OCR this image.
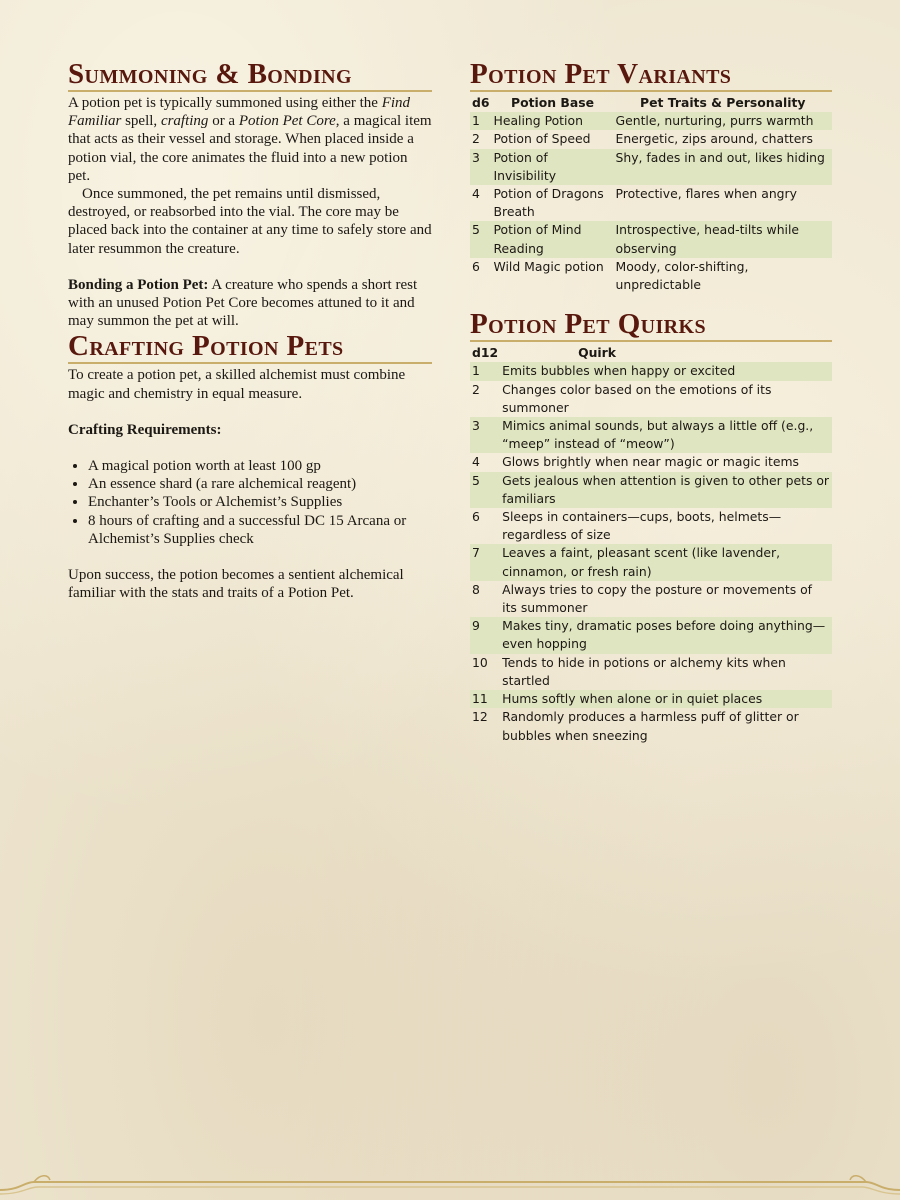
Summoning & Bonding

A potion pet is typically summoned using either the Find Familiar spell, crafting or a Potion Pet Core, a magical item that acts as their vessel and storage. When placed inside a potion vial, the core animates the fluid into a new potion pet.

Once summoned, the pet remains until dismissed, destroyed, or reabsorbed into the vial. The core may be placed back into the container at any time to safely store and later resummon the creature.

Bonding a Potion Pet: A creature who spends a short rest with an unused Potion Pet Core becomes attuned to it and may summon the pet at will.

Crafting Potion Pets

To create a potion pet, a skilled alchemist must combine magic and chemistry in equal measure.

Crafting Requirements:

• A magical potion worth at least 100 gp
• An essence shard (a rare alchemical reagent)
• Enchanter’s Tools or Alchemist’s Supplies
• 8 hours of crafting and a successful DC 15 Arcana or Alchemist’s Supplies check

Upon success, the potion becomes a sentient alchemical familiar with the stats and traits of a Potion Pet.

Potion Pet Variants
d6	Potion Base	Pet Traits & Personality
1	Healing Potion	Gentle, nurturing, purrs warmth
2	Potion of Speed	Energetic, zips around, chatters
3	Potion of Invisibility	Shy, fades in and out, likes hiding
4	Potion of Dragons Breath	Protective, flares when angry
5	Potion of Mind Reading	Introspective, head-tilts while observing
6	Wild Magic potion	Moody, color-shifting, unpredictable
Potion Pet Quirks
d12	Quirk
1	Emits bubbles when happy or excited
2	Changes color based on the emotions of its summoner
3	Mimics animal sounds, but always a little off (e.g., “meep” instead of “meow”)
4	Glows brightly when near magic or magic items
5	Gets jealous when attention is given to other pets or familiars
6	Sleeps in containers—cups, boots, helmets—regardless of size
7	Leaves a faint, pleasant scent (like lavender, cinnamon, or fresh rain)
8	Always tries to copy the posture or movements of its summoner
9	Makes tiny, dramatic poses before doing anything—even hopping
10	Tends to hide in potions or alchemy kits when startled
11	Hums softly when alone or in quiet places
12	Randomly produces a harmless puff of glitter or bubbles when sneezing
